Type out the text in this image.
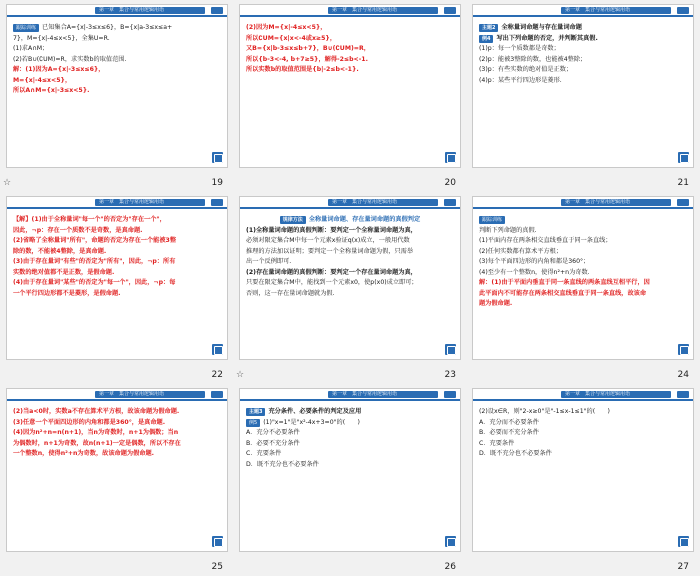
第一章　集合与常用逻辑用语
跟踪训练 已知集合A={x|-3≤x≤6}，B={x|a-3≤x≤a+
7}，M={x|-4≤x<5}，全集U=R.
(1)求A∩M；
(2)若B∪(∁UM)=R，求实数b的取值范围.
解：(1)因为A={x|-3≤x≤6}，
M={x|-4≤x<5}，
所以A∩M={x|-3≤x<5}.
19
☆
第一章　集合与常用逻辑用语
(2)因为M={x|-4≤x<5}，
所以∁UM={x|x<-4或x≥5}，
又B={x|b-3≤x≤b+7}，B∪(∁UM)=R，
所以{b-3<-4, b+7≥5}，解得-2≤b<-1.
所以实数b的取值范围是{b|-2≤b<-1}.
20
第一章　集合与常用逻辑用语
主题2 全称量词命题与存在量词命题
例4 写出下列命题的否定，并判断其真假.
(1)p：每一个质数都是奇数；
(2)p：能被3整除的数，也能被4整除；
(3)p：有些实数的绝对值是正数；
(4)p：某些平行四边形是菱形.
21
第一章　集合与常用逻辑用语
【解】(1)由于全称量词"每一个"的否定为"存在一个"，
因此，¬p：存在一个质数不是奇数，是真命题.
(2)省略了全称量词"所有"，命题的否定为存在一个能被3整
除的数，不能被4整除，是真命题.
(3)由于存在量词"有些"的否定为"所有"，因此，¬p：所有
实数的绝对值都不是正数，是假命题.
(4)由于存在量词"某些"的否定为"每一个"，因此，¬p：每
一个平行四边形都不是菱形，是假命题.
22
第一章　集合与常用逻辑用语
规律方法 全称量词命题、存在量词命题的真假判定
(1)全称量词命题的真假判断：要判定一个全称量词命题为真，
必须对限定集合M中每一个元素x验证q(x)成立，一般用代数
推理的方法加以证明；要判定一个全称量词命题为假，只需举
出一个反例即可.
(2)存在量词命题的真假判断：要判定一个存在量词命题为真，
只要在限定集合M中，能找到一个元素x0，使p(x0)成立即可；
否则，这一存在量词命题就为假.
23
☆
第一章　集合与常用逻辑用语
跟踪训练
判断下列命题的真假.
(1)平面内存在两条相交直线垂直于同一条直线；
(2)任何实数都有算术平方根；
(3)每个平面四边形的内角和都是360°；
(4)至少有一个整数n，使得n²+n为奇数.
解：(1)由于平面内垂直于同一条直线的两条直线互相平行，因
此平面内不可能存在两条相交直线垂直于同一条直线，故该命
题为假命题.
24
第一章　集合与常用逻辑用语
(2)当a<0时，实数a不存在算术平方根，故该命题为假命题.
(3)任意一个平面四边形的内角和都是360°，是真命题.
(4)因为n²+n=n(n+1)，当n为奇数时，n+1为偶数；当n
为偶数时，n+1为奇数，故n(n+1)一定是偶数，所以不存在
一个整数n，使得n²+n为奇数，故该命题为假命题.
25
第一章　集合与常用逻辑用语
主题3 充分条件、必要条件的判定及应用
例5 (1)"x=1"是"x²-4x+3=0"的(　　)
A．充分不必要条件
B．必要不充分条件
C．充要条件
D．既不充分也不必要条件
26
第一章　集合与常用逻辑用语
(2)设x∈R，则"2-x≥0"是"-1≤x-1≤1"的(　　)
A．充分而不必要条件
B．必要而不充分条件
C．充要条件
D．既不充分也不必要条件
27
